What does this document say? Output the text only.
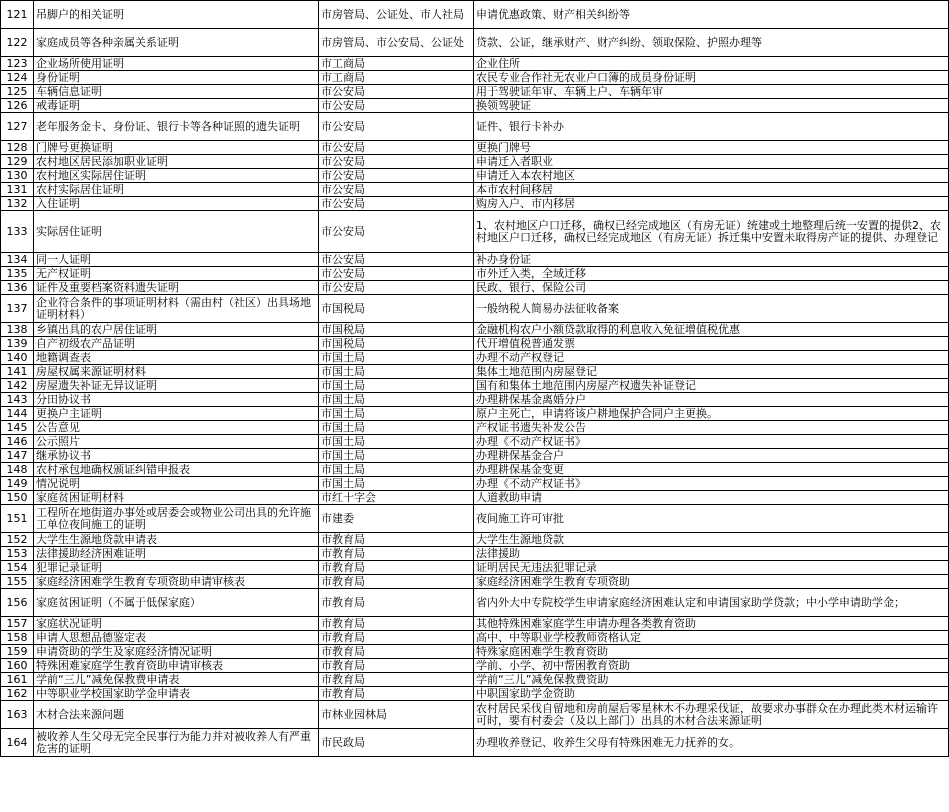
121	吊脚户的相关证明	市房管局、公证处、市人社局	申请优惠政策、财产相关纠纷等
122	家庭成员等各种亲属关系证明	市房管局、市公安局、公证处	贷款、公证，继承财产、财产纠纷、领取保险、护照办理等
123	企业场所使用证明	市工商局	企业住所
124	身份证明	市工商局	农民专业合作社无农业户口簿的成员身份证明
125	车辆信息证明	市公安局	用于驾驶证年审、车辆上户、车辆年审
126	戒毒证明	市公安局	换领驾驶证
127	老年服务金卡、身份证、银行卡等各种证照的遗失证明	市公安局	证件、银行卡补办
128	门牌号更换证明	市公安局	更换门牌号
129	农村地区居民添加职业证明	市公安局	申请迁入者职业
130	农村地区实际居住证明	市公安局	申请迁入本农村地区
131	农村实际居住证明	市公安局	本市农村间移居
132	入住证明	市公安局	购房入户、市内移居
133	实际居住证明	市公安局	1、农村地区户口迁移，确权已经完成地区（有房无证）统建或土地整理后统一安置的提供2、农村地区户口迁移，确权已经完成地区（有房无证）拆迁集中安置未取得房产证的提供、办理登记
134	同一人证明	市公安局	补办身份证
135	无产权证明	市公安局	市外迁入类，全域迁移
136	证件及重要档案资料遗失证明	市公安局	民政、银行、保险公司
137	企业符合条件的事项证明材料（需由村（社区）出具场地证明材料）	市国税局	一般纳税人简易办法征收备案
138	乡镇出具的农户居住证明	市国税局	金融机构农户小额贷款取得的利息收入免征增值税优惠
139	自产初级农产品证明	市国税局	代开增值税普通发票
140	地籍调查表	市国土局	办理不动产权登记
141	房屋权属来源证明材料	市国土局	集体土地范围内房屋登记
142	房屋遗失补证无异议证明	市国土局	国有和集体土地范围内房屋产权遗失补证登记
143	分田协议书	市国土局	办理耕保基金离婚分户
144	更换户主证明	市国土局	原户主死亡，申请将该户耕地保护合同户主更换。
145	公告意见	市国土局	产权证书遗失补发公告
146	公示照片	市国土局	办理《不动产权证书》
147	继承协议书	市国土局	办理耕保基金合户
148	农村承包地确权颁证纠错申报表	市国土局	办理耕保基金变更
149	情况说明	市国土局	办理《不动产权证书》
150	家庭贫困证明材料	市红十字会	人道救助申请
151	工程所在地街道办事处或居委会或物业公司出具的允许施工单位夜间施工的证明	市建委	夜间施工许可审批
152	大学生生源地贷款申请表	市教育局	大学生生源地贷款
153	法律援助经济困难证明	市教育局	法律援助
154	犯罪记录证明	市教育局	证明居民无违法犯罪记录
155	家庭经济困难学生教育专项资助申请审核表	市教育局	家庭经济困难学生教育专项资助
156	家庭贫困证明（不属于低保家庭）	市教育局	省内外大中专院校学生申请家庭经济困难认定和申请国家助学贷款；中小学申请助学金；
157	家庭状况证明	市教育局	其他特殊困难家庭学生申请办理各类教育资助
158	申请人思想品德鉴定表	市教育局	高中、中等职业学校教师资格认定
159	申请资助的学生及家庭经济情况证明	市教育局	特殊家庭困难学生教育资助
160	特殊困难家庭学生教育资助申请审核表	市教育局	学前、小学、初中帮困教育资助
161	学前“三儿”减免保教费申请表	市教育局	学前“三儿”减免保教费资助
162	中等职业学校国家助学金申请表	市教育局	中职国家助学金资助
163	木材合法来源问题	市林业园林局	农村居民采伐自留地和房前屋后零星林木不办理采伐证，故要求办事群众在办理此类木材运输许可时，要有村委会（及以上部门）出具的木材合法来源证明
164	被收养人生父母无完全民事行为能力并对被收养人有严重危害的证明	市民政局	办理收养登记、收养生父母有特殊困难无力抚养的女。
